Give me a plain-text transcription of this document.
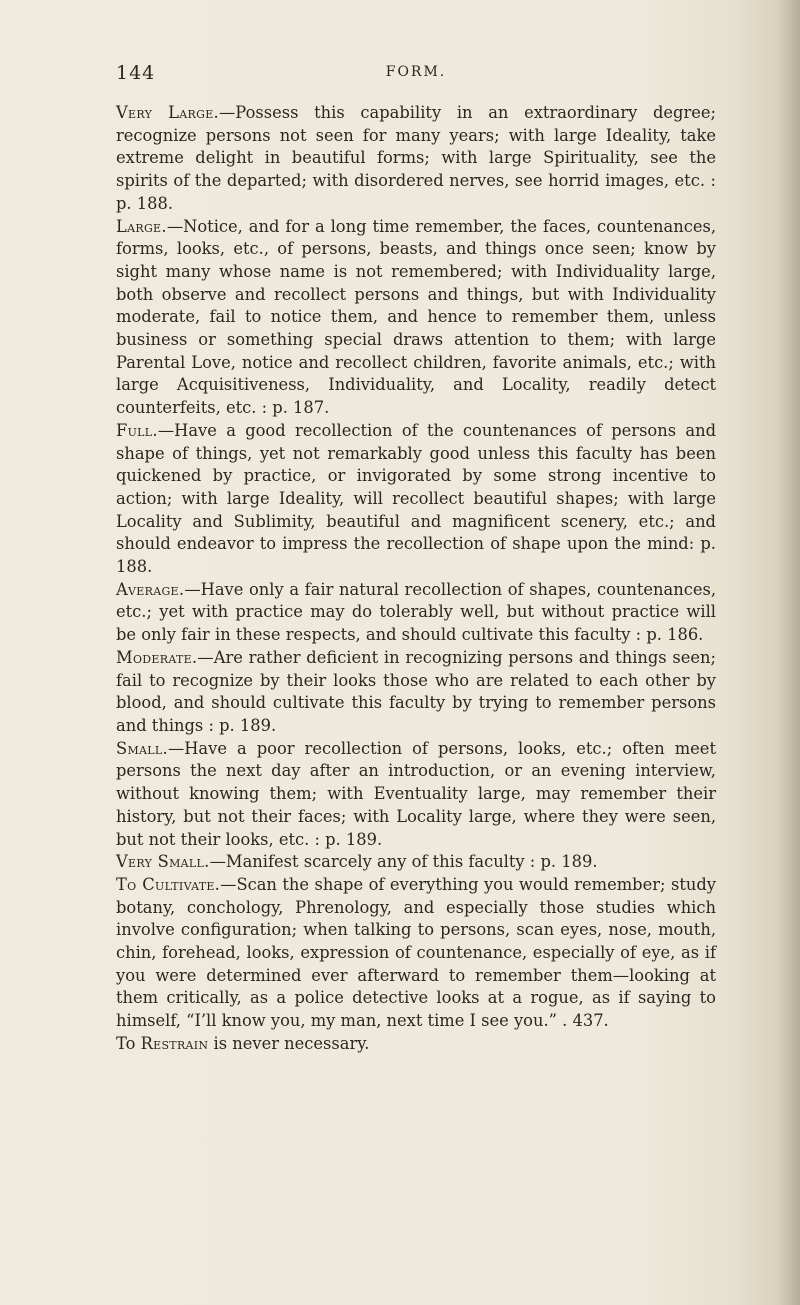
144	FORM.

Very Large.—Possess this capability in an extraordinary degree; recognize persons not seen for many years; with large Ideality, take extreme delight in beautiful forms; with large Spirituality, see the spirits of the departed; with disordered nerves, see horrid images, etc. : p. 188.

Large.—Notice, and for a long time remember, the faces, countenances, forms, looks, etc., of persons, beasts, and things once seen; know by sight many whose name is not remembered; with Individuality large, both observe and recollect persons and things, but with Individuality moderate, fail to notice them, and hence to remember them, unless business or something special draws attention to them; with large Parental Love, notice and recollect children, favorite animals, etc.; with large Acquisitiveness, Individuality, and Locality, readily detect counterfeits, etc. : p. 187.

Full.—Have a good recollection of the countenances of persons and shape of things, yet not remarkably good unless this faculty has been quickened by practice, or invigorated by some strong incentive to action; with large Ideality, will recollect beautiful shapes; with large Locality and Sublimity, beautiful and magnificent scenery, etc.; and should endeavor to impress the recollection of shape upon the mind: p. 188.

Average.—Have only a fair natural recollection of shapes, countenances, etc.; yet with practice may do tolerably well, but without practice will be only fair in these respects, and should cultivate this faculty : p. 186.

Moderate.—Are rather deficient in recognizing persons and things seen; fail to recognize by their looks those who are related to each other by blood, and should cultivate this faculty by trying to remember persons and things : p. 189.

Small.—Have a poor recollection of persons, looks, etc.; often meet persons the next day after an introduction, or an evening interview, without knowing them; with Eventuality large, may remember their history, but not their faces; with Locality large, where they were seen, but not their looks, etc. : p. 189.

Very Small.—Manifest scarcely any of this faculty : p. 189.

To Cultivate.—Scan the shape of everything you would remember; study botany, conchology, Phrenology, and especially those studies which involve configuration; when talking to persons, scan eyes, nose, mouth, chin, forehead, looks, expression of countenance, especially of eye, as if you were determined ever afterward to remember them—looking at them critically, as a police detective looks at a rogue, as if saying to himself, “I’ll know you, my man, next time I see you.” . 437.

To Restrain is never necessary.
